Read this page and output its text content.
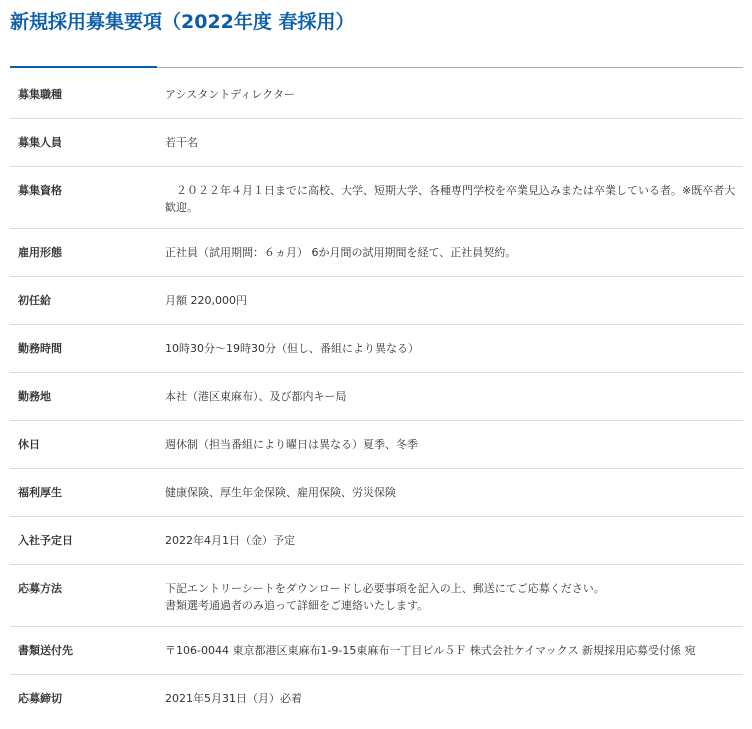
新規採用募集要項（2022年度 春採用）
募集職種	アシスタントディレクター
募集人員	若干名
募集資格	　２０２２年４月１日までに高校、大学、短期大学、各種専門学校を卒業見込みまたは卒業している者。※既卒者大
歓迎。
雇用形態	正社員（試用期間：６ヵ月） 6か月間の試用期間を経て、正社員契約。
初任給	月額 220,000円
勤務時間	10時30分〜19時30分（但し、番組により異なる）
勤務地	本社（港区東麻布）、及び都内キー局
休日	週休制（担当番組により曜日は異なる）夏季、冬季
福利厚生	健康保険、厚生年金保険、雇用保険、労災保険
入社予定日	2022年4月1日（金）予定
応募方法	下記エントリーシートをダウンロードし必要事項を記入の上、郵送にてご応募ください。
書類選考通過者のみ追って詳細をご連絡いたします。
書類送付先	〒106-0044 東京都港区東麻布1-9-15東麻布一丁目ビル５Ｆ 株式会社ケイマックス 新規採用応募受付係 宛
応募締切	2021年5月31日（月）必着
